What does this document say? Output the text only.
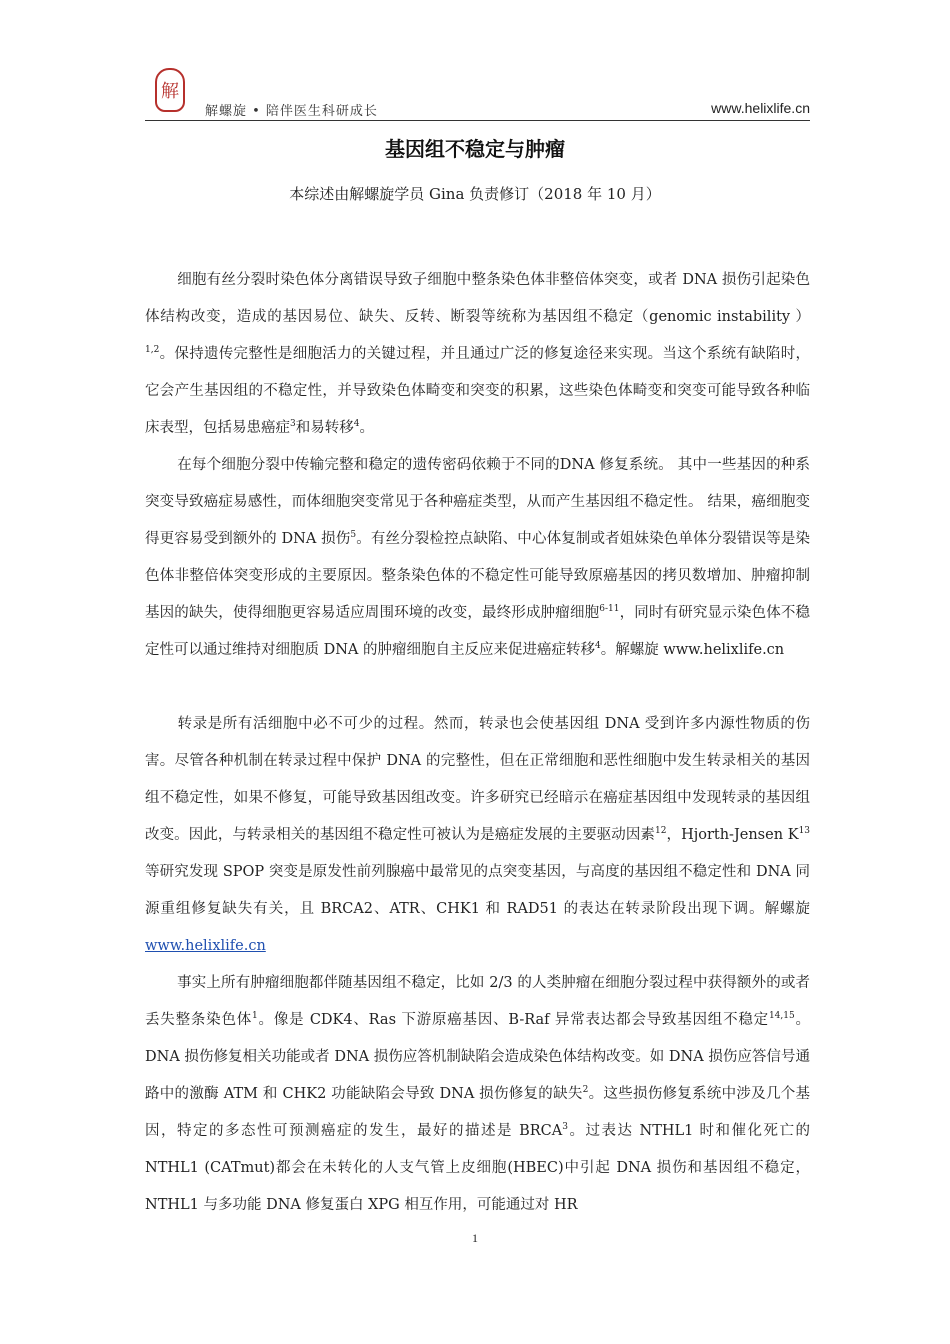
解
解螺旋 • 陪伴医生科研成长	www.helixlife.cn
基因组不稳定与肿瘤
本综述由解螺旋学员 Gina 负责修订（2018 年 10 月）

细胞有丝分裂时染色体分离错误导致子细胞中整条染色体非整倍体突变，或者 DNA 损伤引起染色体结构改变，造成的基因易位、缺失、反转、断裂等统称为基因组不稳定（genomic instability ）$^{1,2}$。保持遗传完整性是细胞活力的关键过程，并且通过广泛的修复途径来实现。当这个系统有缺陷时，它会产生基因组的不稳定性，并导致染色体畸变和突变的积累，这些染色体畸变和突变可能导致各种临床表型，包括易患癌症$^3$和易转移$^4$。

在每个细胞分裂中传输完整和稳定的遗传密码依赖于不同的DNA 修复系统。 其中一些基因的种系突变导致癌症易感性，而体细胞突变常见于各种癌症类型，从而产生基因组不稳定性。 结果，癌细胞变得更容易受到额外的 DNA 损伤$^5$。有丝分裂检控点缺陷、中心体复制或者姐妹染色单体分裂错误等是染色体非整倍体突变形成的主要原因。整条染色体的不稳定性可能导致原癌基因的拷贝数增加、肿瘤抑制基因的缺失，使得细胞更容易适应周围环境的改变，最终形成肿瘤细胞$^{6-11}$，同时有研究显示染色体不稳定性可以通过维持对细胞质 DNA 的肿瘤细胞自主反应来促进癌症转移$^4$。解螺旋 www.helixlife.cn

转录是所有活细胞中必不可少的过程。然而，转录也会使基因组 DNA 受到许多内源性物质的伤害。尽管各种机制在转录过程中保护 DNA 的完整性，但在正常细胞和恶性细胞中发生转录相关的基因组不稳定性，如果不修复，可能导致基因组改变。许多研究已经暗示在癌症基因组中发现转录的基因组改变。因此，与转录相关的基因组不稳定性可被认为是癌症发展的主要驱动因素$^{12}$，Hjorth-Jensen $K^{13}$等研究发现 SPOP 突变是原发性前列腺癌中最常见的点突变基因，与高度的基因组不稳定性和 DNA 同源重组修复缺失有关，且 BRCA2、ATR、CHK1 和 RAD51 的表达在转录阶段出现下调。解螺旋 www.helixlife.cn

事实上所有肿瘤细胞都伴随基因组不稳定，比如 2/3 的人类肿瘤在细胞分裂过程中获得额外的或者丢失整条染色体$^1$。像是 CDK4、Ras 下游原癌基因、B-Raf 异常表达都会导致基因组不稳定$^{14,15}$。DNA 损伤修复相关功能或者 DNA 损伤应答机制缺陷会造成染色体结构改变。如 DNA 损伤应答信号通路中的激酶 ATM 和 CHK2 功能缺陷会导致 DNA 损伤修复的缺失$^2$。这些损伤修复系统中涉及几个基因，特定的多态性可预测癌症的发生，最好的描述是 BRCA$^3$。过表达 NTHL1 时和催化死亡的 NTHL1 (CATmut)都会在未转化的人支气管上皮细胞(HBEC)中引起 DNA 损伤和基因组不稳定，NTHL1 与多功能 DNA 修复蛋白 XPG 相互作用，可能通过对 HR

1
